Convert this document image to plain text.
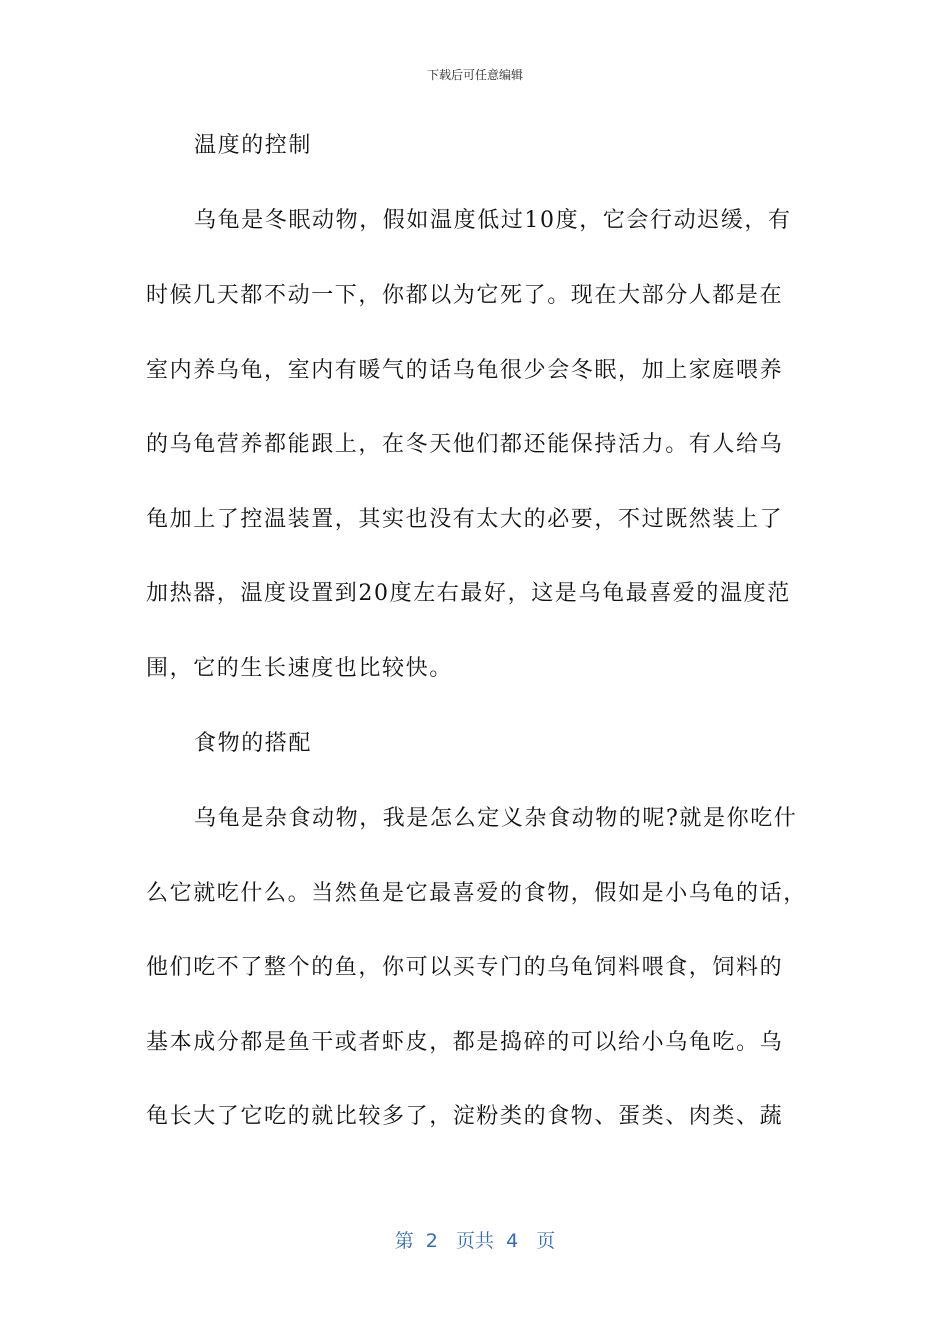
下载后可任意编辑
温度的控制
乌龟是冬眠动物，假如温度低过10度，它会行动迟缓，有
时候几天都不动一下，你都以为它死了。现在大部分人都是在
室内养乌龟，室内有暖气的话乌龟很少会冬眠，加上家庭喂养
的乌龟营养都能跟上，在冬天他们都还能保持活力。有人给乌
龟加上了控温装置，其实也没有太大的必要，不过既然装上了
加热器，温度设置到20度左右最好，这是乌龟最喜爱的温度范
围，它的生长速度也比较快。
食物的搭配
乌龟是杂食动物，我是怎么定义杂食动物的呢?就是你吃什
么它就吃什么。当然鱼是它最喜爱的食物，假如是小乌龟的话，
他们吃不了整个的鱼，你可以买专门的乌龟饲料喂食，饲料的
基本成分都是鱼干或者虾皮，都是捣碎的可以给小乌龟吃。乌
龟长大了它吃的就比较多了，淀粉类的食物、蛋类、肉类、蔬
第  2   页共  4   页
